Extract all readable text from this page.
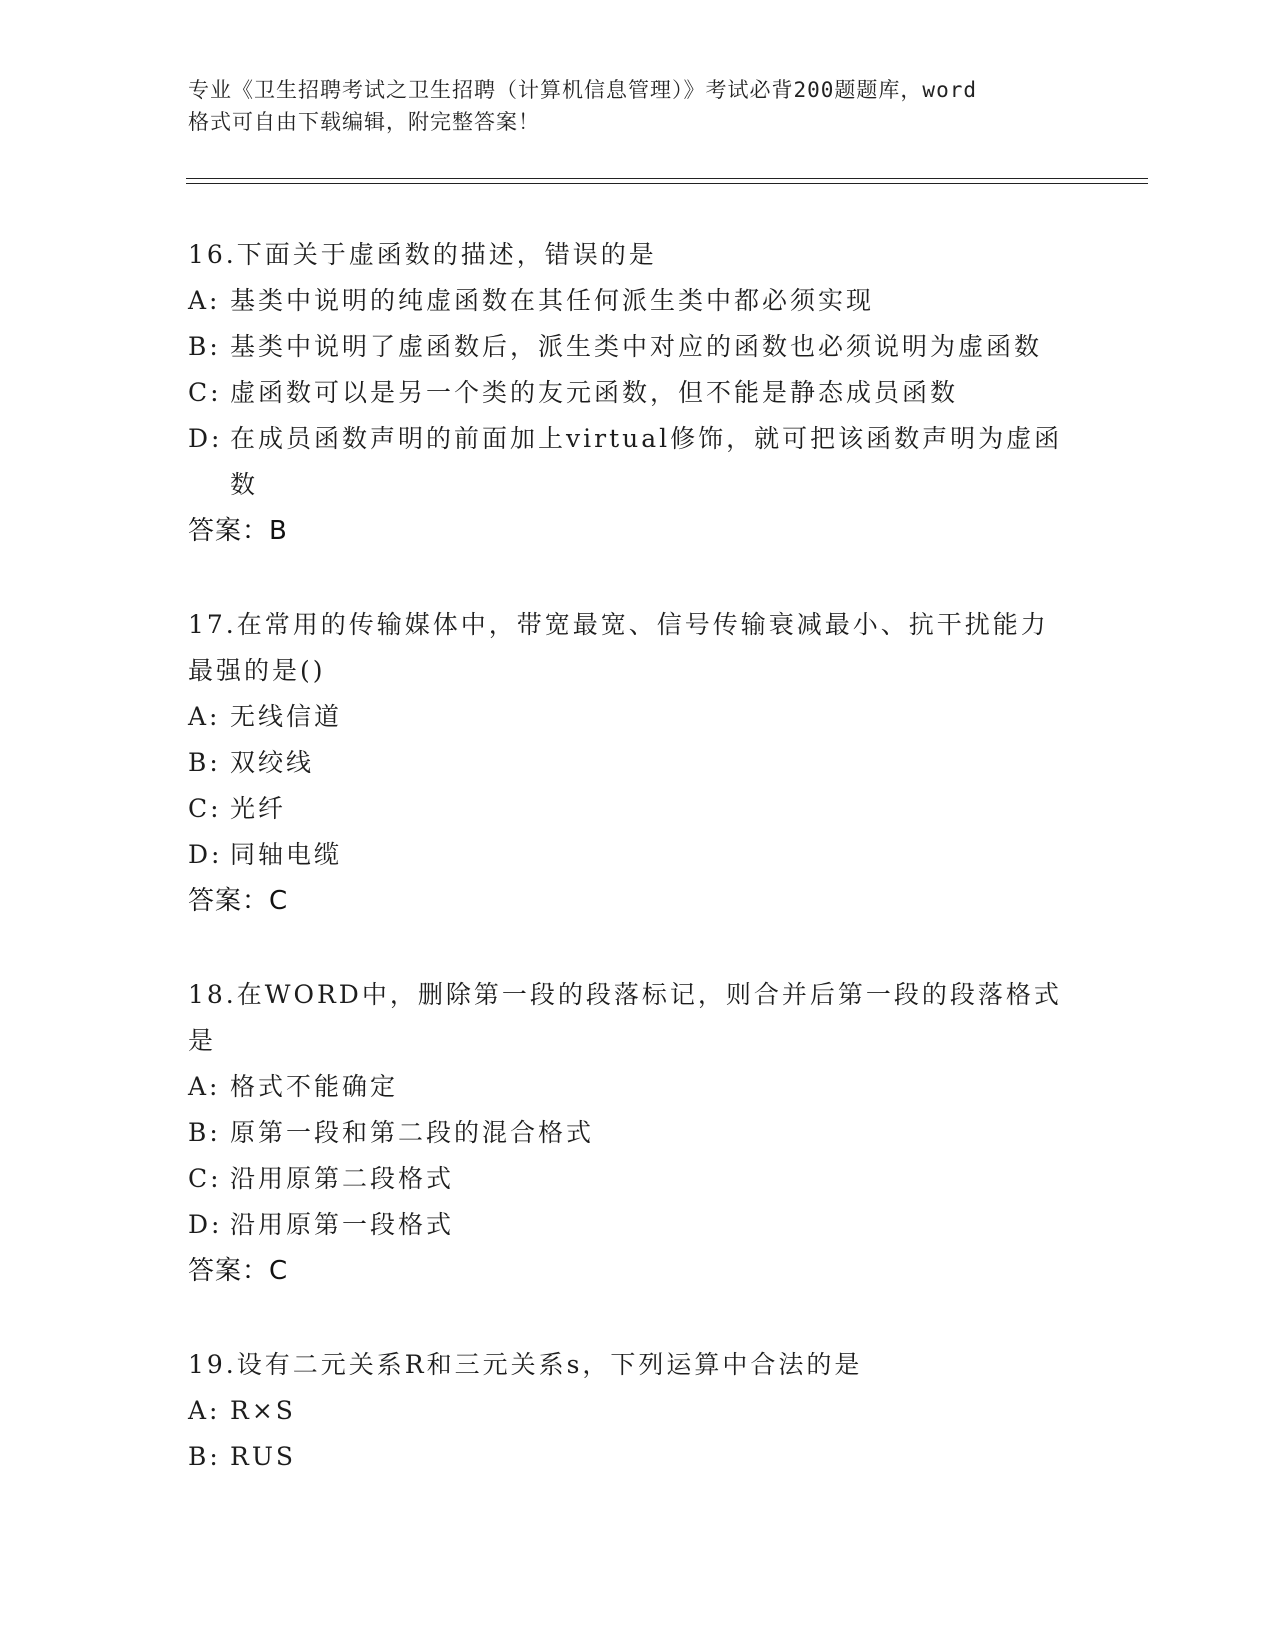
专业《卫生招聘考试之卫生招聘（计算机信息管理）》考试必背200题题库，word
格式可自由下载编辑，附完整答案！

16.下面关于虚函数的描述，错误的是

A: 基类中说明的纯虚函数在其任何派生类中都必须实现
B: 基类中说明了虚函数后，派生类中对应的函数也必须说明为虚函数
C: 虚函数可以是另一个类的友元函数，但不能是静态成员函数
D: 在成员函数声明的前面加上virtual修饰，就可把该函数声明为虚函数

答案：B

17.在常用的传输媒体中，带宽最宽、信号传输衰减最小、抗干扰能力最强的是()

A: 无线信道
B: 双绞线
C: 光纤
D: 同轴电缆

答案：C

18.在WORD中，删除第一段的段落标记，则合并后第一段的段落格式是

A: 格式不能确定
B: 原第一段和第二段的混合格式
C: 沿用原第二段格式
D: 沿用原第一段格式

答案：C

19.设有二元关系R和三元关系s，下列运算中合法的是

A: R×S
B: RUS
